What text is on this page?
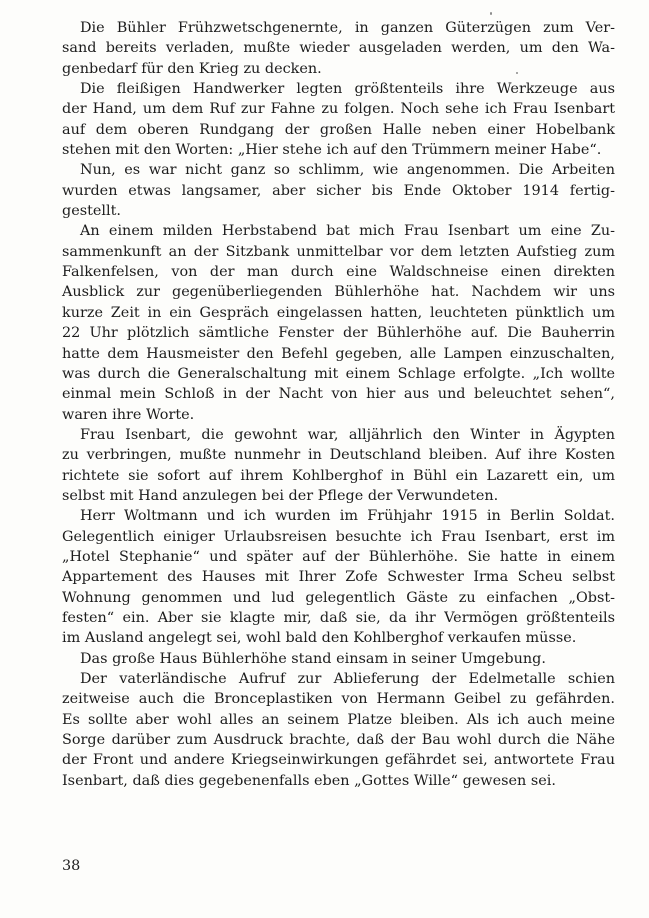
Die Bühler Frühzwetschgenernte, in ganzen Güterzügen zum Ver-
sand bereits verladen, mußte wieder ausgeladen werden, um den Wa-
genbedarf für den Krieg zu decken.
Die fleißigen Handwerker legten größtenteils ihre Werkzeuge aus
der Hand, um dem Ruf zur Fahne zu folgen. Noch sehe ich Frau Isenbart
auf dem oberen Rundgang der großen Halle neben einer Hobelbank
stehen mit den Worten: „Hier stehe ich auf den Trümmern meiner Habe“.
Nun, es war nicht ganz so schlimm, wie angenommen. Die Arbeiten
wurden etwas langsamer, aber sicher bis Ende Oktober 1914 fertig-
gestellt.
An einem milden Herbstabend bat mich Frau Isenbart um eine Zu-
sammenkunft an der Sitzbank unmittelbar vor dem letzten Aufstieg zum
Falkenfelsen, von der man durch eine Waldschneise einen direkten
Ausblick zur gegenüberliegenden Bühlerhöhe hat. Nachdem wir uns
kurze Zeit in ein Gespräch eingelassen hatten, leuchteten pünktlich um
22 Uhr plötzlich sämtliche Fenster der Bühlerhöhe auf. Die Bauherrin
hatte dem Hausmeister den Befehl gegeben, alle Lampen einzuschalten,
was durch die Generalschaltung mit einem Schlage erfolgte. „Ich wollte
einmal mein Schloß in der Nacht von hier aus und beleuchtet sehen“,
waren ihre Worte.
Frau Isenbart, die gewohnt war, alljährlich den Winter in Ägypten
zu verbringen, mußte nunmehr in Deutschland bleiben. Auf ihre Kosten
richtete sie sofort auf ihrem Kohlberghof in Bühl ein Lazarett ein, um
selbst mit Hand anzulegen bei der Pflege der Verwundeten.
Herr Woltmann und ich wurden im Frühjahr 1915 in Berlin Soldat.
Gelegentlich einiger Urlaubsreisen besuchte ich Frau Isenbart, erst im
„Hotel Stephanie“ und später auf der Bühlerhöhe. Sie hatte in einem
Appartement des Hauses mit Ihrer Zofe Schwester Irma Scheu selbst
Wohnung genommen und lud gelegentlich Gäste zu einfachen „Obst-
festen“ ein. Aber sie klagte mir, daß sie, da ihr Vermögen größtenteils
im Ausland angelegt sei, wohl bald den Kohlberghof verkaufen müsse.
Das große Haus Bühlerhöhe stand einsam in seiner Umgebung.
Der vaterländische Aufruf zur Ablieferung der Edelmetalle schien
zeitweise auch die Bronceplastiken von Hermann Geibel zu gefährden.
Es sollte aber wohl alles an seinem Platze bleiben. Als ich auch meine
Sorge darüber zum Ausdruck brachte, daß der Bau wohl durch die Nähe
der Front und andere Kriegseinwirkungen gefährdet sei, antwortete Frau
Isenbart, daß dies gegebenenfalls eben „Gottes Wille“ gewesen sei.
38
